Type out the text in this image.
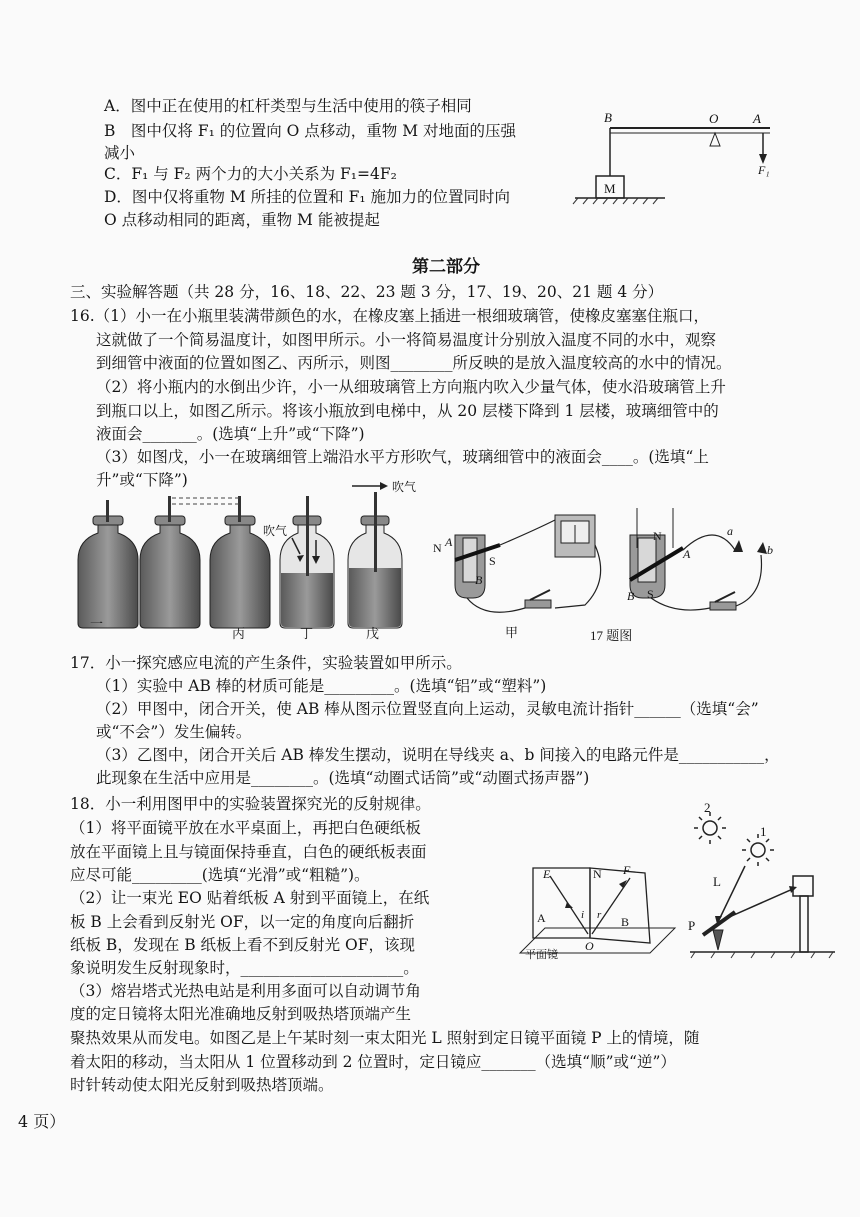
A．图中正在使用的杠杆类型与生活中使用的筷子相同
B　图中仅将 F₁ 的位置向 O 点移动，重物 M 对地面的压强
减小
C．F₁ 与 F₂ 两个力的大小关系为 F₁=4F₂
D．图中仅将重物 M 所挂的位置和 F₁ 施加力的位置同时向
O 点移动相同的距离，重物 M 能被提起
B	O	A
F₁
M
第二部分
三、实验解答题（共 28 分，16、18、22、23 题 3 分，17、19、20、21 题 4 分）
16.（1）小一在小瓶里装满带颜色的水，在橡皮塞上插进一根细玻璃管，使橡皮塞塞住瓶口，
这就做了一个简易温度计，如图甲所示。小一将简易温度计分别放入温度不同的水中，观察
到细管中液面的位置如图乙、丙所示，则图________所反映的是放入温度较高的水中的情况。
（2）将小瓶内的水倒出少许，小一从细玻璃管上方向瓶内吹入少量气体，使水沿玻璃管上升
到瓶口以上，如图乙所示。将该小瓶放到电梯中，从 20 层楼下降到 1 层楼，玻璃细管中的
液面会_______。(选填“上升”或“下降”)
（3）如图戊，小一在玻璃细管上端沿水平方形吹气，玻璃细管中的液面会____。(选填“上
升”或“下降”)
吹气
吹气
一
丙	丁	戊
N
S
A
B
N
S
A
B
a
b
甲	17 题图
17．小一探究感应电流的产生条件，实验装置如甲所示。
（1）实验中 AB 棒的材质可能是_________。(选填“铝”或“塑料”)
（2）甲图中，闭合开关，使 AB 棒从图示位置竖直向上运动，灵敏电流计指针______（选填“会”
或“不会”）发生偏转。
（3）乙图中，闭合开关后 AB 棒发生摆动，说明在导线夹 a、b 间接入的电路元件是___________，
此现象在生活中应用是________。(选填“动圈式话筒”或“动圈式扬声器”)
18．小一利用图甲中的实验装置探究光的反射规律。
（1）将平面镜平放在水平桌面上，再把白色硬纸板
放在平面镜上且与镜面保持垂直，白色的硬纸板表面
应尽可能_________(选填“光滑”或“粗糙”)。
（2）让一束光 EO 贴着纸板 A 射到平面镜上，在纸
板 B 上会看到反射光 OF，以一定的角度向后翻折
纸板 B，发现在 B 纸板上看不到反射光 OF，该现
象说明发生反射现象时，_____________________。
（3）熔岩塔式光热电站是利用多面可以自动调节角
度的定日镜将太阳光准确地反射到吸热塔顶端产生
聚热效果从而发电。如图乙是上午某时刻一束太阳光 L 照射到定日镜平面镜 P 上的情境，随
着太阳的移动，当太阳从 1 位置移动到 2 位置时，定日镜应_______（选填“顺”或“逆”）
时针转动使太阳光反射到吸热塔顶端。
E	N F
A	B
i r
O
平面镜
2
1
L
P
4 页）
